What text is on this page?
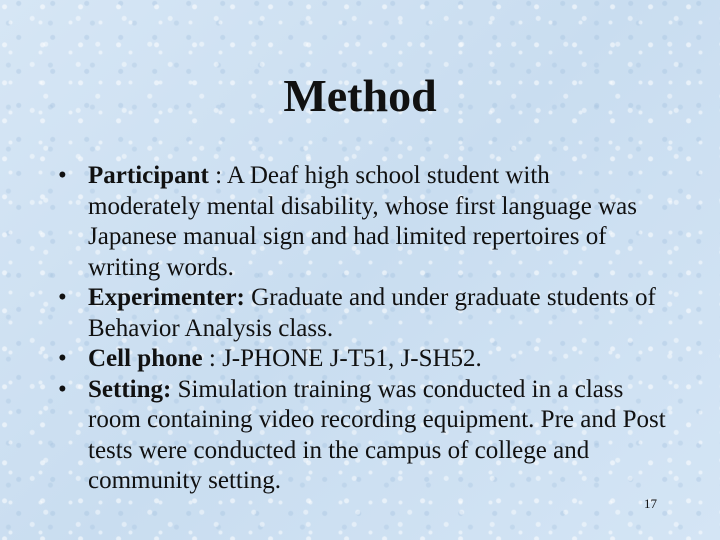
Method
• Participant : A Deaf high school student with moderately mental disability, whose first language was Japanese manual sign and had limited repertoires of writing words.
• Experimenter: Graduate and under graduate students of Behavior Analysis class.
• Cell phone : J-PHONE J-T51, J-SH52.
• Setting: Simulation training was conducted in a class room containing video recording equipment. Pre and Post tests were conducted in the campus of college and community setting.
17
